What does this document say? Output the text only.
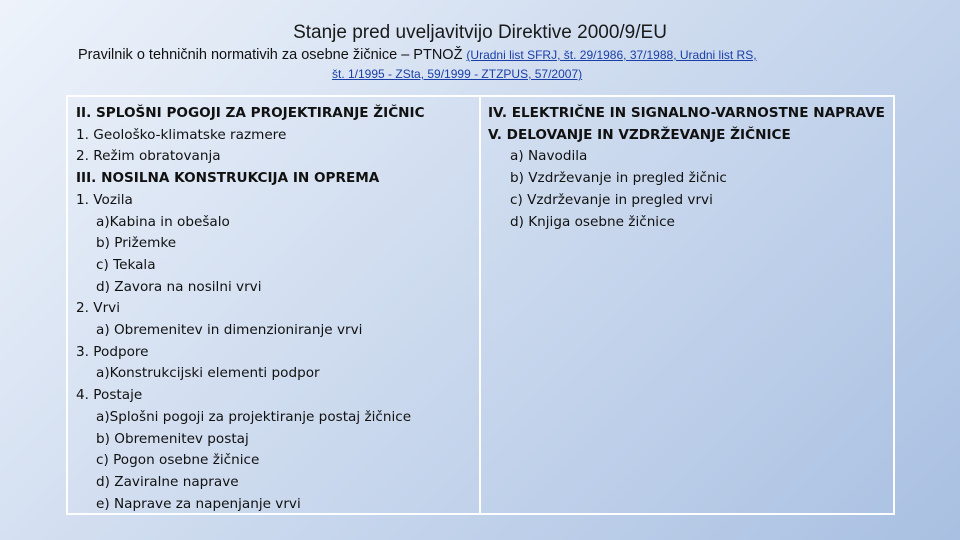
Stanje pred uveljavitvijo Direktive 2000/9/EU
Pravilnik o tehničnih normativih za osebne žičnice – PTNOŽ (Uradni list SFRJ, št. 29/1986, 37/1988, Uradni list RS,
št. 1/1995 - ZSta, 59/1999 - ZTZPUS, 57/2007)
II. SPLOŠNI POGOJI ZA PROJEKTIRANJE ŽIČNIC
1. Geološko-klimatske razmere
2. Režim obratovanja
III. NOSILNA KONSTRUKCIJA IN OPREMA
1. Vozila
a)Kabina in obešalo
b) Prižemke
c) Tekala
d) Zavora na nosilni vrvi
2. Vrvi
a) Obremenitev in dimenzioniranje vrvi
3. Podpore
a)Konstrukcijski elementi podpor
4. Postaje
a)Splošni pogoji za projektiranje postaj žičnice
b) Obremenitev postaj
c) Pogon osebne žičnice
d) Zaviralne naprave
e) Naprave za napenjanje vrvi
IV. ELEKTRIČNE IN SIGNALNO-VARNOSTNE NAPRAVE
V. DELOVANJE IN VZDRŽEVANJE ŽIČNICE
a) Navodila
b) Vzdrževanje in pregled žičnic
c) Vzdrževanje in pregled vrvi
d) Knjiga osebne žičnice
